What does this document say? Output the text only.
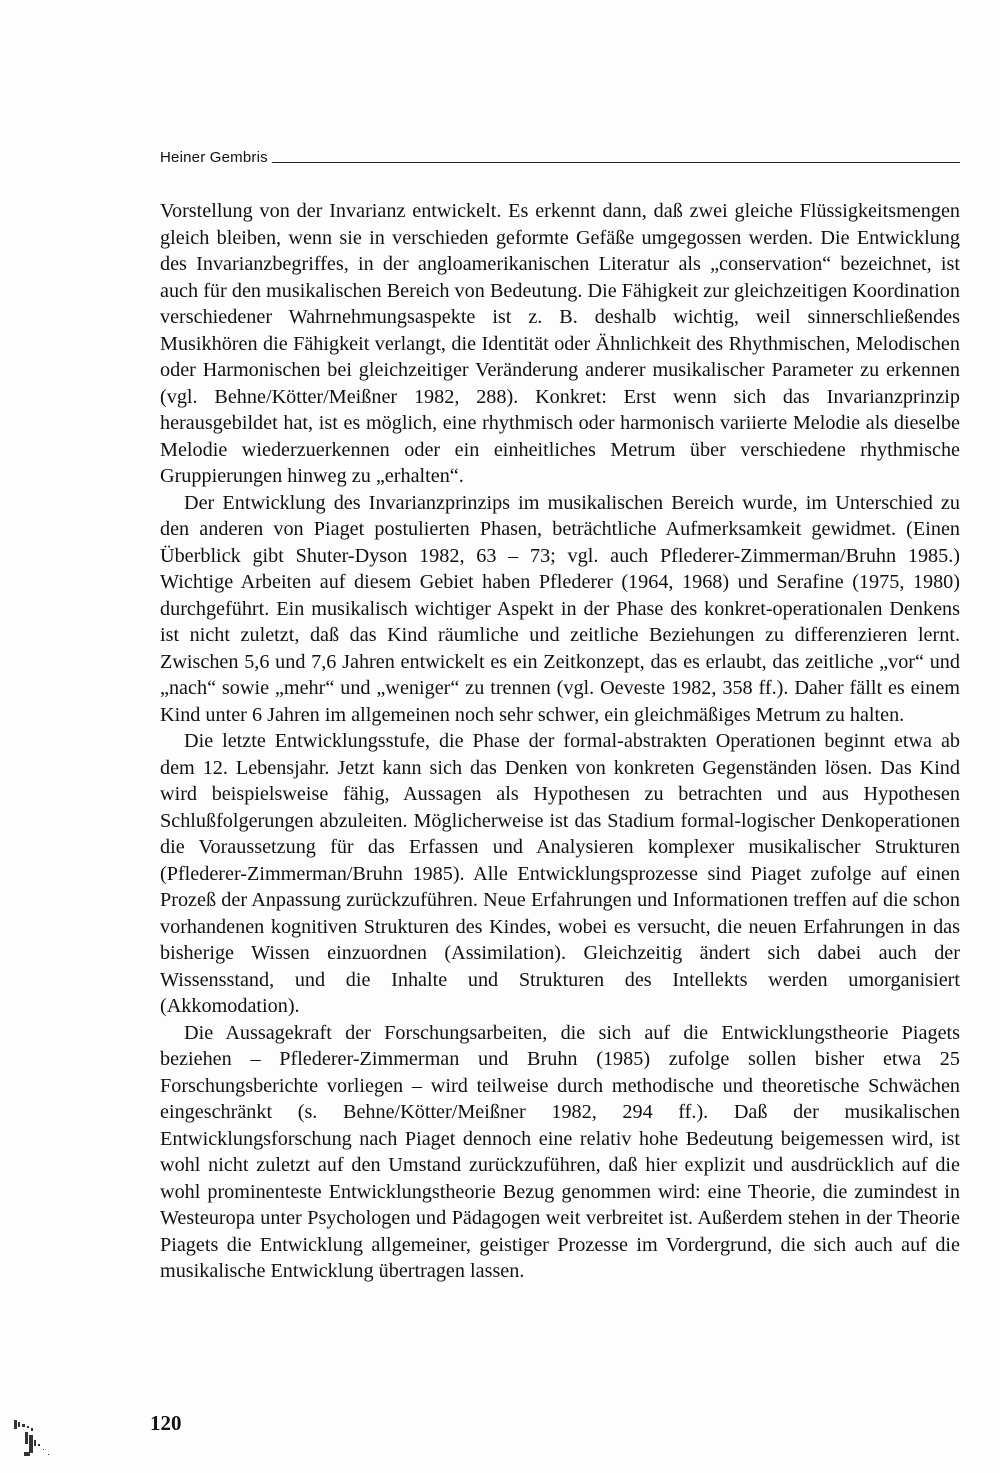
Heiner Gembris

Vorstellung von der Invarianz entwickelt. Es erkennt dann, daß zwei gleiche Flüssigkeitsmengen gleich bleiben, wenn sie in verschieden geformte Gefäße umgegossen werden. Die Entwicklung des Invarianzbegriffes, in der angloamerikanischen Literatur als „conservation“ bezeichnet, ist auch für den musikalischen Bereich von Bedeutung. Die Fähigkeit zur gleichzeitigen Koordination verschiedener Wahrnehmungsaspekte ist z. B. deshalb wichtig, weil sinnerschließendes Musikhören die Fähigkeit verlangt, die Identität oder Ähnlichkeit des Rhythmischen, Melodischen oder Harmonischen bei gleichzeitiger Veränderung anderer musikalischer Parameter zu erkennen (vgl. Behne/Kötter/Meißner 1982, 288). Konkret: Erst wenn sich das Invarianzprinzip herausgebildet hat, ist es möglich, eine rhythmisch oder harmonisch variierte Melodie als dieselbe Melodie wiederzuerkennen oder ein einheitliches Metrum über verschiedene rhythmische Gruppierungen hinweg zu „erhalten“.

Der Entwicklung des Invarianzprinzips im musikalischen Bereich wurde, im Unterschied zu den anderen von Piaget postulierten Phasen, beträchtliche Aufmerksamkeit gewidmet. (Einen Überblick gibt Shuter-Dyson 1982, 63 – 73; vgl. auch Pflederer-Zimmerman/Bruhn 1985.) Wichtige Arbeiten auf diesem Gebiet haben Pflederer (1964, 1968) und Serafine (1975, 1980) durchgeführt. Ein musikalisch wichtiger Aspekt in der Phase des konkret-operationalen Denkens ist nicht zuletzt, daß das Kind räumliche und zeitliche Beziehungen zu differenzieren lernt. Zwischen 5,6 und 7,6 Jahren entwickelt es ein Zeitkonzept, das es erlaubt, das zeitliche „vor“ und „nach“ sowie „mehr“ und „weniger“ zu trennen (vgl. Oeveste 1982, 358 ff.). Daher fällt es einem Kind unter 6 Jahren im allgemeinen noch sehr schwer, ein gleichmäßiges Metrum zu halten.

Die letzte Entwicklungsstufe, die Phase der formal-abstrakten Operationen beginnt etwa ab dem 12. Lebensjahr. Jetzt kann sich das Denken von konkreten Gegenständen lösen. Das Kind wird beispielsweise fähig, Aussagen als Hypothesen zu betrachten und aus Hypothesen Schlußfolgerungen abzuleiten. Möglicherweise ist das Stadium formal-logischer Denkoperationen die Voraussetzung für das Erfassen und Analysieren komplexer musikalischer Strukturen (Pflederer-Zimmerman/Bruhn 1985). Alle Entwicklungsprozesse sind Piaget zufolge auf einen Prozeß der Anpassung zurückzuführen. Neue Erfahrungen und Informationen treffen auf die schon vorhandenen kognitiven Strukturen des Kindes, wobei es versucht, die neuen Erfahrungen in das bisherige Wissen einzuordnen (Assimilation). Gleichzeitig ändert sich dabei auch der Wissensstand, und die Inhalte und Strukturen des Intellekts werden umorganisiert (Akkomodation).

Die Aussagekraft der Forschungsarbeiten, die sich auf die Entwicklungstheorie Piagets beziehen – Pflederer-Zimmerman und Bruhn (1985) zufolge sollen bisher etwa 25 Forschungsberichte vorliegen – wird teilweise durch methodische und theoretische Schwächen eingeschränkt (s. Behne/Kötter/Meißner 1982, 294 ff.). Daß der musikalischen Entwicklungsforschung nach Piaget dennoch eine relativ hohe Bedeutung beigemessen wird, ist wohl nicht zuletzt auf den Umstand zurückzuführen, daß hier explizit und ausdrücklich auf die wohl prominenteste Entwicklungstheorie Bezug genommen wird: eine Theorie, die zumindest in Westeuropa unter Psychologen und Pädagogen weit verbreitet ist. Außerdem stehen in der Theorie Piagets die Entwicklung allgemeiner, geistiger Prozesse im Vordergrund, die sich auch auf die musikalische Entwicklung übertragen lassen.

120
